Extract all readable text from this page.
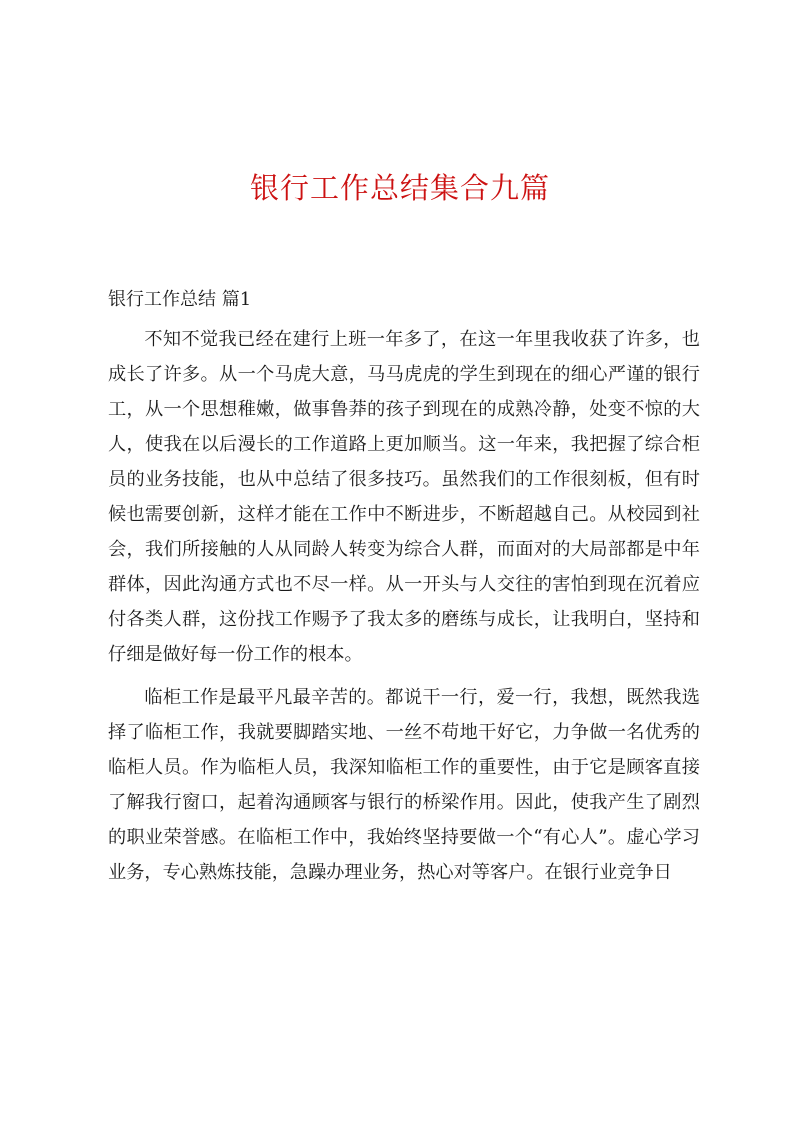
银行工作总结集合九篇
银行工作总结 篇1

不知不觉我已经在建行上班一年多了，在这一年里我收获了许多，也成长了许多。从一个马虎大意，马马虎虎的学生到现在的细心严谨的银行工，从一个思想稚嫩，做事鲁莽的孩子到现在的成熟冷静，处变不惊的大人，使我在以后漫长的工作道路上更加顺当。这一年来，我把握了综合柜员的业务技能，也从中总结了很多技巧。虽然我们的工作很刻板，但有时候也需要创新，这样才能在工作中不断进步，不断超越自己。从校园到社会，我们所接触的人从同龄人转变为综合人群，而面对的大局部都是中年群体，因此沟通方式也不尽一样。从一开头与人交往的害怕到现在沉着应付各类人群，这份找工作赐予了我太多的磨练与成长，让我明白，坚持和仔细是做好每一份工作的根本。

临柜工作是最平凡最辛苦的。都说干一行，爱一行，我想，既然我选择了临柜工作，我就要脚踏实地、一丝不苟地干好它，力争做一名优秀的临柜人员。作为临柜人员，我深知临柜工作的重要性，由于它是顾客直接了解我行窗口，起着沟通顾客与银行的桥梁作用。因此，使我产生了剧烈的职业荣誉感。在临柜工作中，我始终坚持要做一个“有心人”。虚心学习业务，专心熟炼技能，急躁办理业务，热心对等客户。在银行业竞争日
